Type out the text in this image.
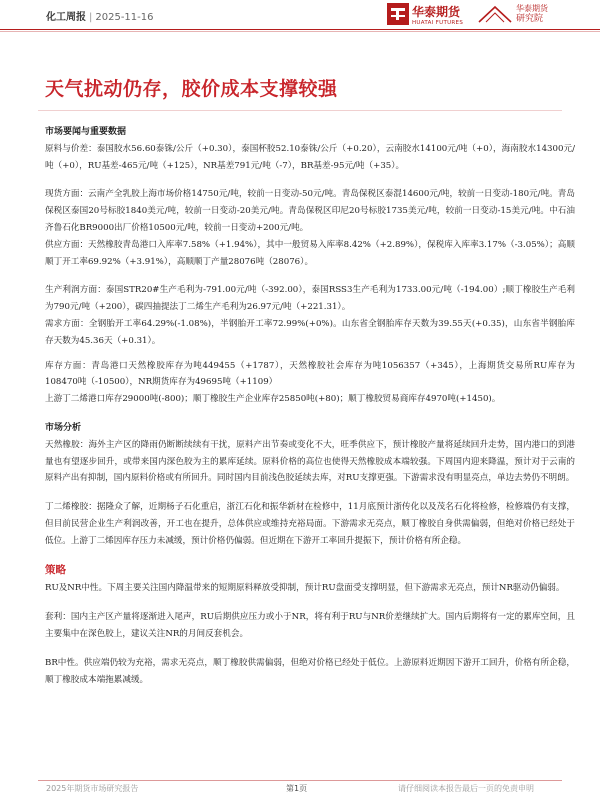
化工周报 | 2025-11-16	华泰期货
HUATAI FUTURES
华泰期货
研究院
天气扰动仍存，胶价成本支撑较强

市场要闻与重要数据

原料与价差：泰国胶水56.60泰铢/公斤（+0.30），泰国杯胶52.10泰铢/公斤（+0.20），云南胶水14100元/吨（+0），海南胶水14300元/吨（+0），RU基差-465元/吨（+125），NR基差791元/吨（-7），BR基差-95元/吨（+35）。

现货方面：云南产全乳胶上海市场价格14750元/吨，较前一日变动-50元/吨。青岛保税区泰混14600元/吨，较前一日变动-180元/吨。青岛保税区泰国20号标胶1840美元/吨，较前一日变动-20美元/吨。青岛保税区印尼20号标胶1735美元/吨，较前一日变动-15美元/吨。中石油齐鲁石化BR9000出厂价格10500元/吨，较前一日变动+200元/吨。

供应方面：天然橡胶青岛港口入库率7.58%（+1.94%），其中一般贸易入库率8.42%（+2.89%），保税库入库率3.17%（-3.05%）；高顺顺丁开工率69.92%（+3.91%），高顺顺丁产量28076吨（28076）。

生产利润方面：泰国STR20#生产毛利为-791.00元/吨（-392.00），泰国RSS3生产毛利为1733.00元/吨（-194.00）;顺丁橡胶生产毛利为790元/吨（+200），碳四抽提法丁二烯生产毛利为26.97元/吨（+221.31）。

需求方面：全钢胎开工率64.29%(-1.08%)，半钢胎开工率72.99%(+0%)。山东省全钢胎库存天数为39.55天(+0.35)，山东省半钢胎库存天数为45.36天（+0.31）。

库存方面：青岛港口天然橡胶库存为吨449455（+1787），天然橡胶社会库存为吨1056357（+345），上海期货交易所RU库存为108470吨（-10500），NR期货库存为49695吨（+1109）

上游丁二烯港口库存29000吨(-800)；顺丁橡胶生产企业库存25850吨(+80)；顺丁橡胶贸易商库存4970吨(+1450)。

市场分析

天然橡胶：海外主产区的降雨仍断断续续有干扰，原料产出节奏或变化不大，旺季供应下，预计橡胶产量将延续回升走势，国内港口的到港量也有望逐步回升，或带来国内深色胶为主的累库延续。原料价格的高位也使得天然橡胶成本端较强。下周国内迎来降温，预计对于云南的原料产出有抑制，国内原料价格或有所回升。同时国内目前浅色胶延续去库，对RU支撑更强。下游需求没有明显亮点，单边去势仍不明朗。

丁二烯橡胶：据隆众了解，近期杨子石化重启，浙江石化和振华新材在检修中，11月底预计浙传化以及茂名石化将检修，检修端仍有支撑，但目前民营企业生产利润改善，开工也在提升，总体供应或维持充裕局面。下游需求无亮点，顺丁橡胶自身供需偏弱，但绝对价格已经处于低位。上游丁二烯因库存压力未减缓，预计价格仍偏弱。但近期在下游开工率回升提振下，预计价格有所企稳。

策略

RU及NR中性。下周主要关注国内降温带来的短期原料释放受抑制，预计RU盘面受支撑明显，但下游需求无亮点，预计NR驱动仍偏弱。

套利：国内主产区产量将逐渐进入尾声，RU后期供应压力或小于NR，将有利于RU与NR价差继续扩大。国内后期将有一定的累库空间，且主要集中在深色胶上，建议关注NR的月间反套机会。

BR中性。供应端仍较为充裕，需求无亮点，顺丁橡胶供需偏弱，但绝对价格已经处于低位。上游原料近期因下游开工回升，价格有所企稳，顺丁橡胶成本端拖累减缓。

2025年期货市场研究报告	第1页	请仔细阅读本报告最后一页的免责申明
